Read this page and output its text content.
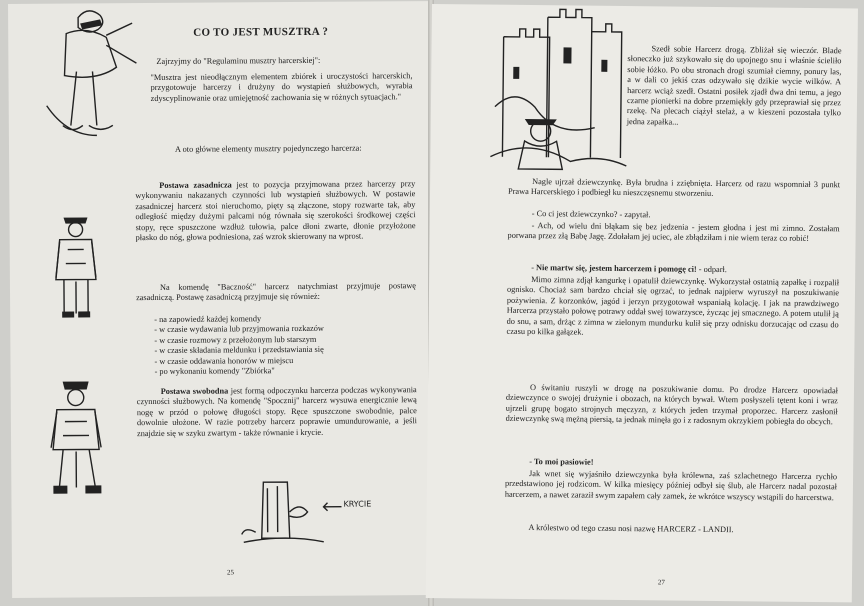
CO TO JEST MUSZTRA ?

Zajrzyjmy do "Regulaminu musztry harcerskiej":

"Musztra jest nieodłącznym elementem zbiórek i uroczystości harcerskich, przygotowuje harcerzy i drużyny do wystąpień służbowych, wyrabia zdyscyplinowanie oraz umiejętność zachowania się w różnych sytuacjach."

A oto główne elementy musztry pojedynczego harcerza:

Postawa zasadnicza jest to pozycja przyjmowana przez harcerzy przy wykonywaniu nakazanych czynności lub wystąpień służbowych. W postawie zasadniczej harcerz stoi nieruchomo, pięty są złączone, stopy rozwarte tak, aby odległość między dużymi palcami nóg równała się szerokości środkowej części stopy, ręce spuszczone wzdłuż tułowia, palce dłoni zwarte, dłonie przyłożone płasko do nóg, głowa podniesiona, zaś wzrok skierowany na wprost.

Na komendę "Baczność" harcerz natychmiast przyjmuje postawę zasadniczą. Postawę zasadniczą przyjmuje się również:

- na zapowiedź każdej komendy
- w czasie wydawania lub przyjmowania rozkazów
- w czasie rozmowy z przełożonym lub starszym
- w czasie składania meldunku i przedstawiania się
- w czasie oddawania honorów w miejscu
- po wykonaniu komendy "Zbiórka"

Postawa swobodna jest formą odpoczynku harcerza podczas wykonywania czynności służbowych. Na komendę "Spocznij" harcerz wysuwa energicznie lewą nogę w przód o połowę długości stopy. Ręce spuszczone swobodnie, palce dowolnie ułożone. W razie potrzeby harcerz poprawie umundurowanie, a jeśli znajdzie się w szyku zwartym - także równanie i krycie.

KRYCIE
25

Szedł sobie Harcerz drogą. Zbliżał się wieczór. Blade słoneczko już szykowało się do upojnego snu i właśnie ścieliło sobie łóżko. Po obu stronach drogi szumiał ciemny, ponury las, a w dali co jekiś czas odzywało się dzikie wycie wilków. A harcerz wciąż szedł. Ostatni posiłek zjadł dwa dni temu, a jego czarne pionierki na dobre przemiękły gdy przeprawiał się przez rzekę. Na plecach ciążył stelaż, a w kieszeni pozostała tylko jedna zapałka...

Nagle ujrzał dziewczynkę. Była brudna i zziębnięta. Harcerz od razu wspomniał 3 punkt Prawa Harcerskiego i podbiegł ku nieszczęsnemu stworzeniu.

- Co ci jest dziewczynko? - zapytał.

- Ach, od wielu dni błąkam się bez jedzenia - jestem głodna i jest mi zimno. Zostałam porwana przez złą Babę Jagę. Zdołałam jej uciec, ale zbłądziłam i nie wiem teraz co robić!

- Nie martw się, jestem harcerzem i pomogę ci! - odparł.

Mimo zimna zdjął kangurkę i opatulił dziewczynkę. Wykorzystał ostatnią zapałkę i rozpalił ognisko. Chociaż sam bardzo chciał się ogrzać, to jednak najpierw wyruszył na poszukiwanie pożywienia. Z korzonków, jagód i jerzyn przygotował wspaniałą kolację. I jak na prawdziwego Harcerza przystało połowę potrawy oddał swej towarzysce, życząc jej smacznego. A potem utulił ją do snu, a sam, drżąc z zimna w zielonym mundurku kulił się przy odnisku dorzucając od czasu do czasu po kilka gałązek.

O świtaniu ruszyli w drogę na poszukiwanie domu. Po drodze Harcerz opowiadał dziewczynce o swojej drużynie i obozach, na których bywał. Wtem posłyszeli tętent koni i wraz ujrzeli grupę bogato strojnych męczyzn, z których jeden trzymał proporzec. Harcerz zasłonił dziewczynkę swą mężną piersią, ta jednak minęła go i z radosnym okrzykiem pobiegła do obcych.

- To moi pasiowie!

Jak wnet się wyjaśniło dziewczynka była królewna, zaś szlachetnego Harcerza rychło przedstawiono jej rodzicom. W kilka miesięcy później odbył się ślub, ale Harcerz nadal pozostał harcerzem, a nawet zaraził swym zapałem cały zamek, że wkrótce wszyscy wstąpili do harcerstwa.

A królestwo od tego czasu nosi nazwę HARCERZ - LANDII.

27
